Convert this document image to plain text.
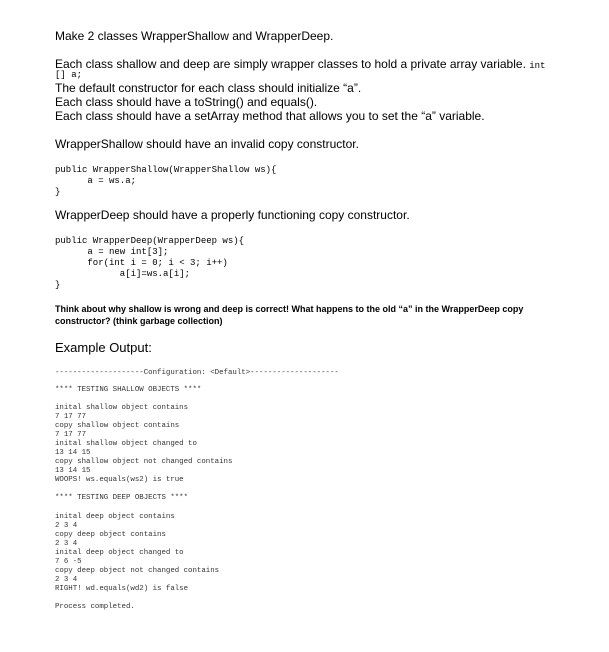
Make 2 classes WrapperShallow and WrapperDeep.
Each class shallow and deep are simply wrapper classes to hold a private array variable. int
[] a;
The default constructor for each class should initialize “a”.
Each class should have a toString() and equals().
Each class should have a setArray method that allows you to set the “a” variable.
WrapperShallow should have an invalid copy constructor.
public WrapperShallow(WrapperShallow ws){
a = ws.a;
}
WrapperDeep should have a properly functioning copy constructor.
public WrapperDeep(WrapperDeep ws){
a = new int[3];
for(int i = 0; i < 3; i++)
a[i]=ws.a[i];
}
Think about why shallow is wrong and deep is correct! What happens to the old “a” in the WrapperDeep copy constructor? (think garbage collection)
Example Output:
--------------------Configuration: <Default>--------------------
**** TESTING SHALLOW OBJECTS ****
inital shallow object contains
7 17 77
copy shallow object contains
7 17 77
inital shallow object changed to
13 14 15
copy shallow object not changed contains
13 14 15
WOOPS! ws.equals(ws2) is true
**** TESTING DEEP OBJECTS ****
inital deep object contains
2 3 4
copy deep object contains
2 3 4
inital deep object changed to
7 6 -5
copy deep object not changed contains
2 3 4
RIGHT! wd.equals(wd2) is false
Process completed.
